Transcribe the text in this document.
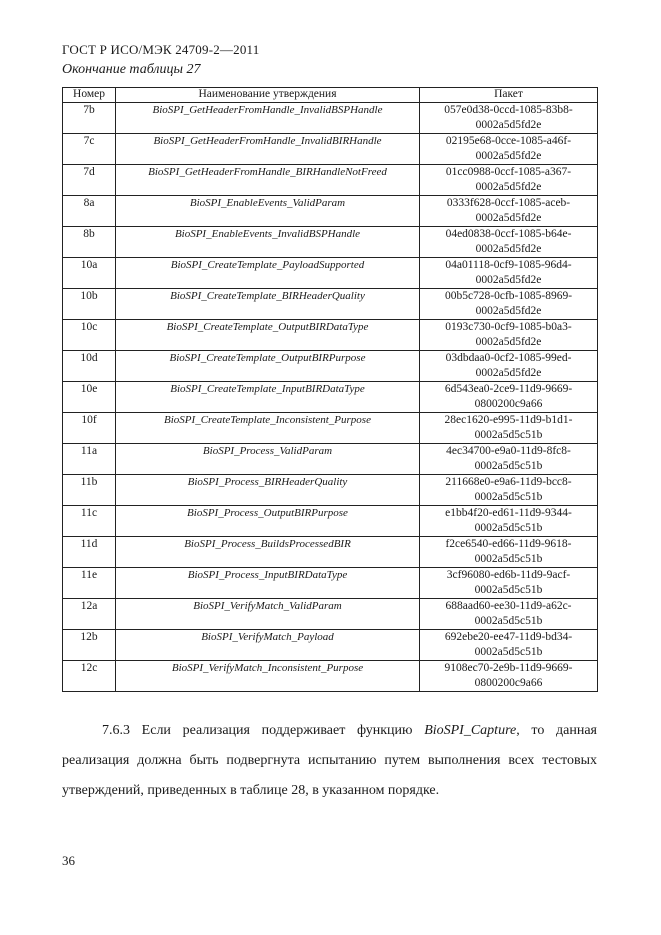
ГОСТ Р ИСО/МЭК 24709-2—2011
Окончание таблицы 27
Номер	Наименование утверждения	Пакет
7b	BioSPI_GetHeaderFromHandle_InvalidBSPHandle	057e0d38-0ccd-1085-83b8-
0002a5d5fd2e

7c	BioSPI_GetHeaderFromHandle_InvalidBIRHandle	02195e68-0cce-1085-a46f-
0002a5d5fd2e

7d	BioSPI_GetHeaderFromHandle_BIRHandleNotFreed	01cc0988-0ccf-1085-a367-
0002a5d5fd2e

8a	BioSPI_EnableEvents_ValidParam	0333f628-0ccf-1085-aceb-
0002a5d5fd2e

8b	BioSPI_EnableEvents_InvalidBSPHandle	04ed0838-0ccf-1085-b64e-
0002a5d5fd2e

10a	BioSPI_CreateTemplate_PayloadSupported	04a01118-0cf9-1085-96d4-
0002a5d5fd2e

10b	BioSPI_CreateTemplate_BIRHeaderQuality	00b5c728-0cfb-1085-8969-
0002a5d5fd2e

10c	BioSPI_CreateTemplate_OutputBIRDataType	0193c730-0cf9-1085-b0a3-
0002a5d5fd2e

10d	BioSPI_CreateTemplate_OutputBIRPurpose	03dbdaa0-0cf2-1085-99ed-
0002a5d5fd2e

10e	BioSPI_CreateTemplate_InputBIRDataType	6d543ea0-2ce9-11d9-9669-
0800200c9a66

10f	BioSPI_CreateTemplate_Inconsistent_Purpose	28ec1620-e995-11d9-b1d1-
0002a5d5c51b

11a	BioSPI_Process_ValidParam	4ec34700-e9a0-11d9-8fc8-
0002a5d5c51b

11b	BioSPI_Process_BIRHeaderQuality	211668e0-e9a6-11d9-bcc8-
0002a5d5c51b

11c	BioSPI_Process_OutputBIRPurpose	e1bb4f20-ed61-11d9-9344-
0002a5d5c51b

11d	BioSPI_Process_BuildsProcessedBIR	f2ce6540-ed66-11d9-9618-
0002a5d5c51b

11e	BioSPI_Process_InputBIRDataType	3cf96080-ed6b-11d9-9acf-
0002a5d5c51b

12a	BioSPI_VerifyMatch_ValidParam	688aad60-ee30-11d9-a62c-
0002a5d5c51b

12b	BioSPI_VerifyMatch_Payload	692ebe20-ee47-11d9-bd34-
0002a5d5c51b

12c	BioSPI_VerifyMatch_Inconsistent_Purpose	9108ec70-2e9b-11d9-9669-
0800200c9a66

7.6.3 Если реализация поддерживает функцию BioSPI_Capture, то данная реализация должна быть подвергнута испытанию путем выполнения всех тестовых утверждений, приведенных в таблице 28, в указанном порядке.

36
